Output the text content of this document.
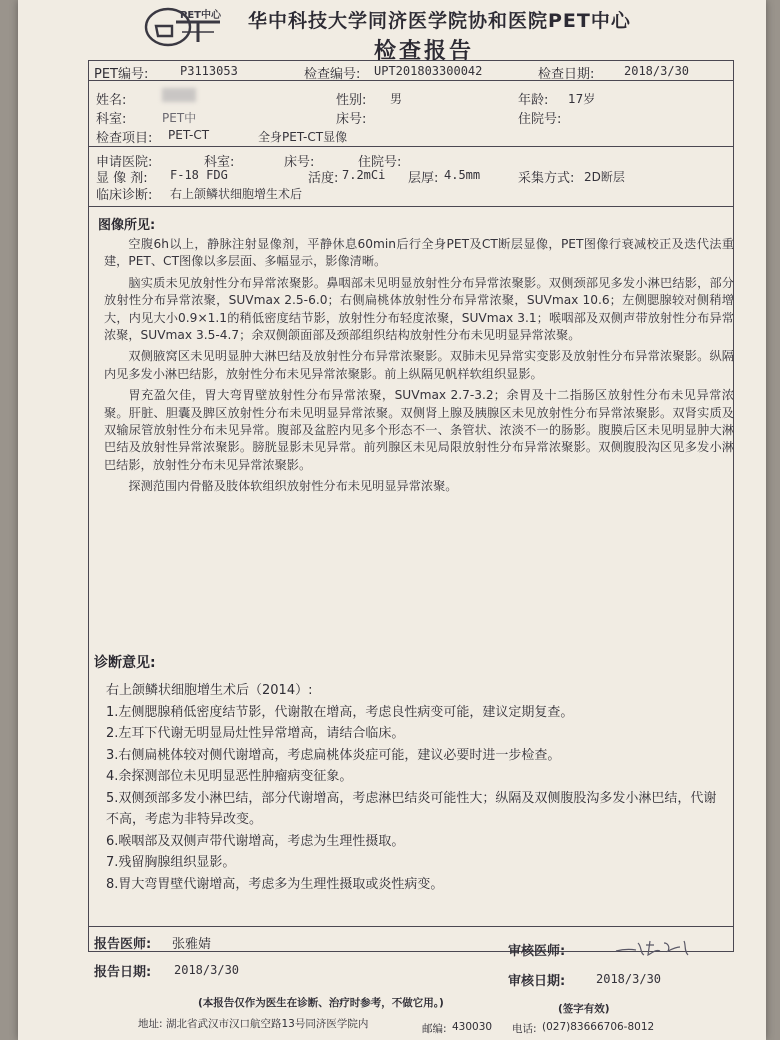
PET中心 华中科技大学同济医学院协和医院PET中心
检查报告
PET编号:	P3113053	检查编号: UPT201803300042	检查日期: 2018/3/30
姓名:	性别: 男	年龄: 17岁
科室:	PET中	床号:	住院号:
检查项目: PET-CT	全身PET-CT显像
申请医院:	科室:	床号:	住院号:
显 像 剂: F-18 FDG	活度: 7.2mCi 层厚: 4.5mm	采集方式: 2D断层
临床诊断: 右上颌鳞状细胞增生术后
图像所见:

空腹6h以上，静脉注射显像剂，平静休息60min后行全身PET及CT断层显像，PET图像行衰减校正及迭代法重建，PET、CT图像以多层面、多幅显示，影像清晰。

脑实质未见放射性分布异常浓聚影。鼻咽部未见明显放射性分布异常浓聚影。双侧颈部见多发小淋巴结影，部分放射性分布异常浓聚，SUVmax 2.5-6.0；右侧扁桃体放射性分布异常浓聚，SUVmax 10.6；左侧腮腺较对侧稍增大，内见大小0.9×1.1的稍低密度结节影，放射性分布轻度浓聚，SUVmax 3.1；喉咽部及双侧声带放射性分布异常浓聚，SUVmax 3.5-4.7；余双侧颌面部及颈部组织结构放射性分布未见明显异常浓聚。

双侧腋窝区未见明显肿大淋巴结及放射性分布异常浓聚影。双肺未见异常实变影及放射性分布异常浓聚影。纵隔内见多发小淋巴结影，放射性分布未见异常浓聚影。前上纵隔见帆样软组织显影。

胃充盈欠佳，胃大弯胃壁放射性分布异常浓聚，SUVmax 2.7-3.2；余胃及十二指肠区放射性分布未见异常浓聚。肝脏、胆囊及脾区放射性分布未见明显异常浓聚。双侧肾上腺及胰腺区未见放射性分布异常浓聚影。双肾实质及双输尿管放射性分布未见异常。腹部及盆腔内见多个形态不一、条管状、浓淡不一的肠影。腹膜后区未见明显肿大淋巴结及放射性异常浓聚影。膀胱显影未见异常。前列腺区未见局限放射性分布异常浓聚影。双侧腹股沟区见多发小淋巴结影，放射性分布未见异常浓聚影。

探测范围内骨骼及肢体软组织放射性分布未见明显异常浓聚。

诊断意见:
右上颌鳞状细胞增生术后（2014）:
1.左侧腮腺稍低密度结节影，代谢散在增高，考虑良性病变可能，建议定期复查。
2.左耳下代谢无明显局灶性异常增高，请结合临床。
3.右侧扁桃体较对侧代谢增高，考虑扁桃体炎症可能，建议必要时进一步检查。
4.余探测部位未见明显恶性肿瘤病变征象。
5.双侧颈部多发小淋巴结，部分代谢增高，考虑淋巴结炎可能性大；纵隔及双侧腹股沟多发小淋巴结，代谢不高，考虑为非特异改变。
6.喉咽部及双侧声带代谢增高，考虑为生理性摄取。
7.残留胸腺组织显影。
8.胃大弯胃壁代谢增高，考虑多为生理性摄取或炎性病变。
报告医师: 张雅婧	审核医师:
报告日期: 2018/3/30
审核日期:	2018/3/30
(本报告仅作为医生在诊断、治疗时参考，不做它用。)	(签字有效)
地址: 湖北省武汉市汉口航空路13号同济医学院内	邮编: 430030 电话: (027)83666706-8012
